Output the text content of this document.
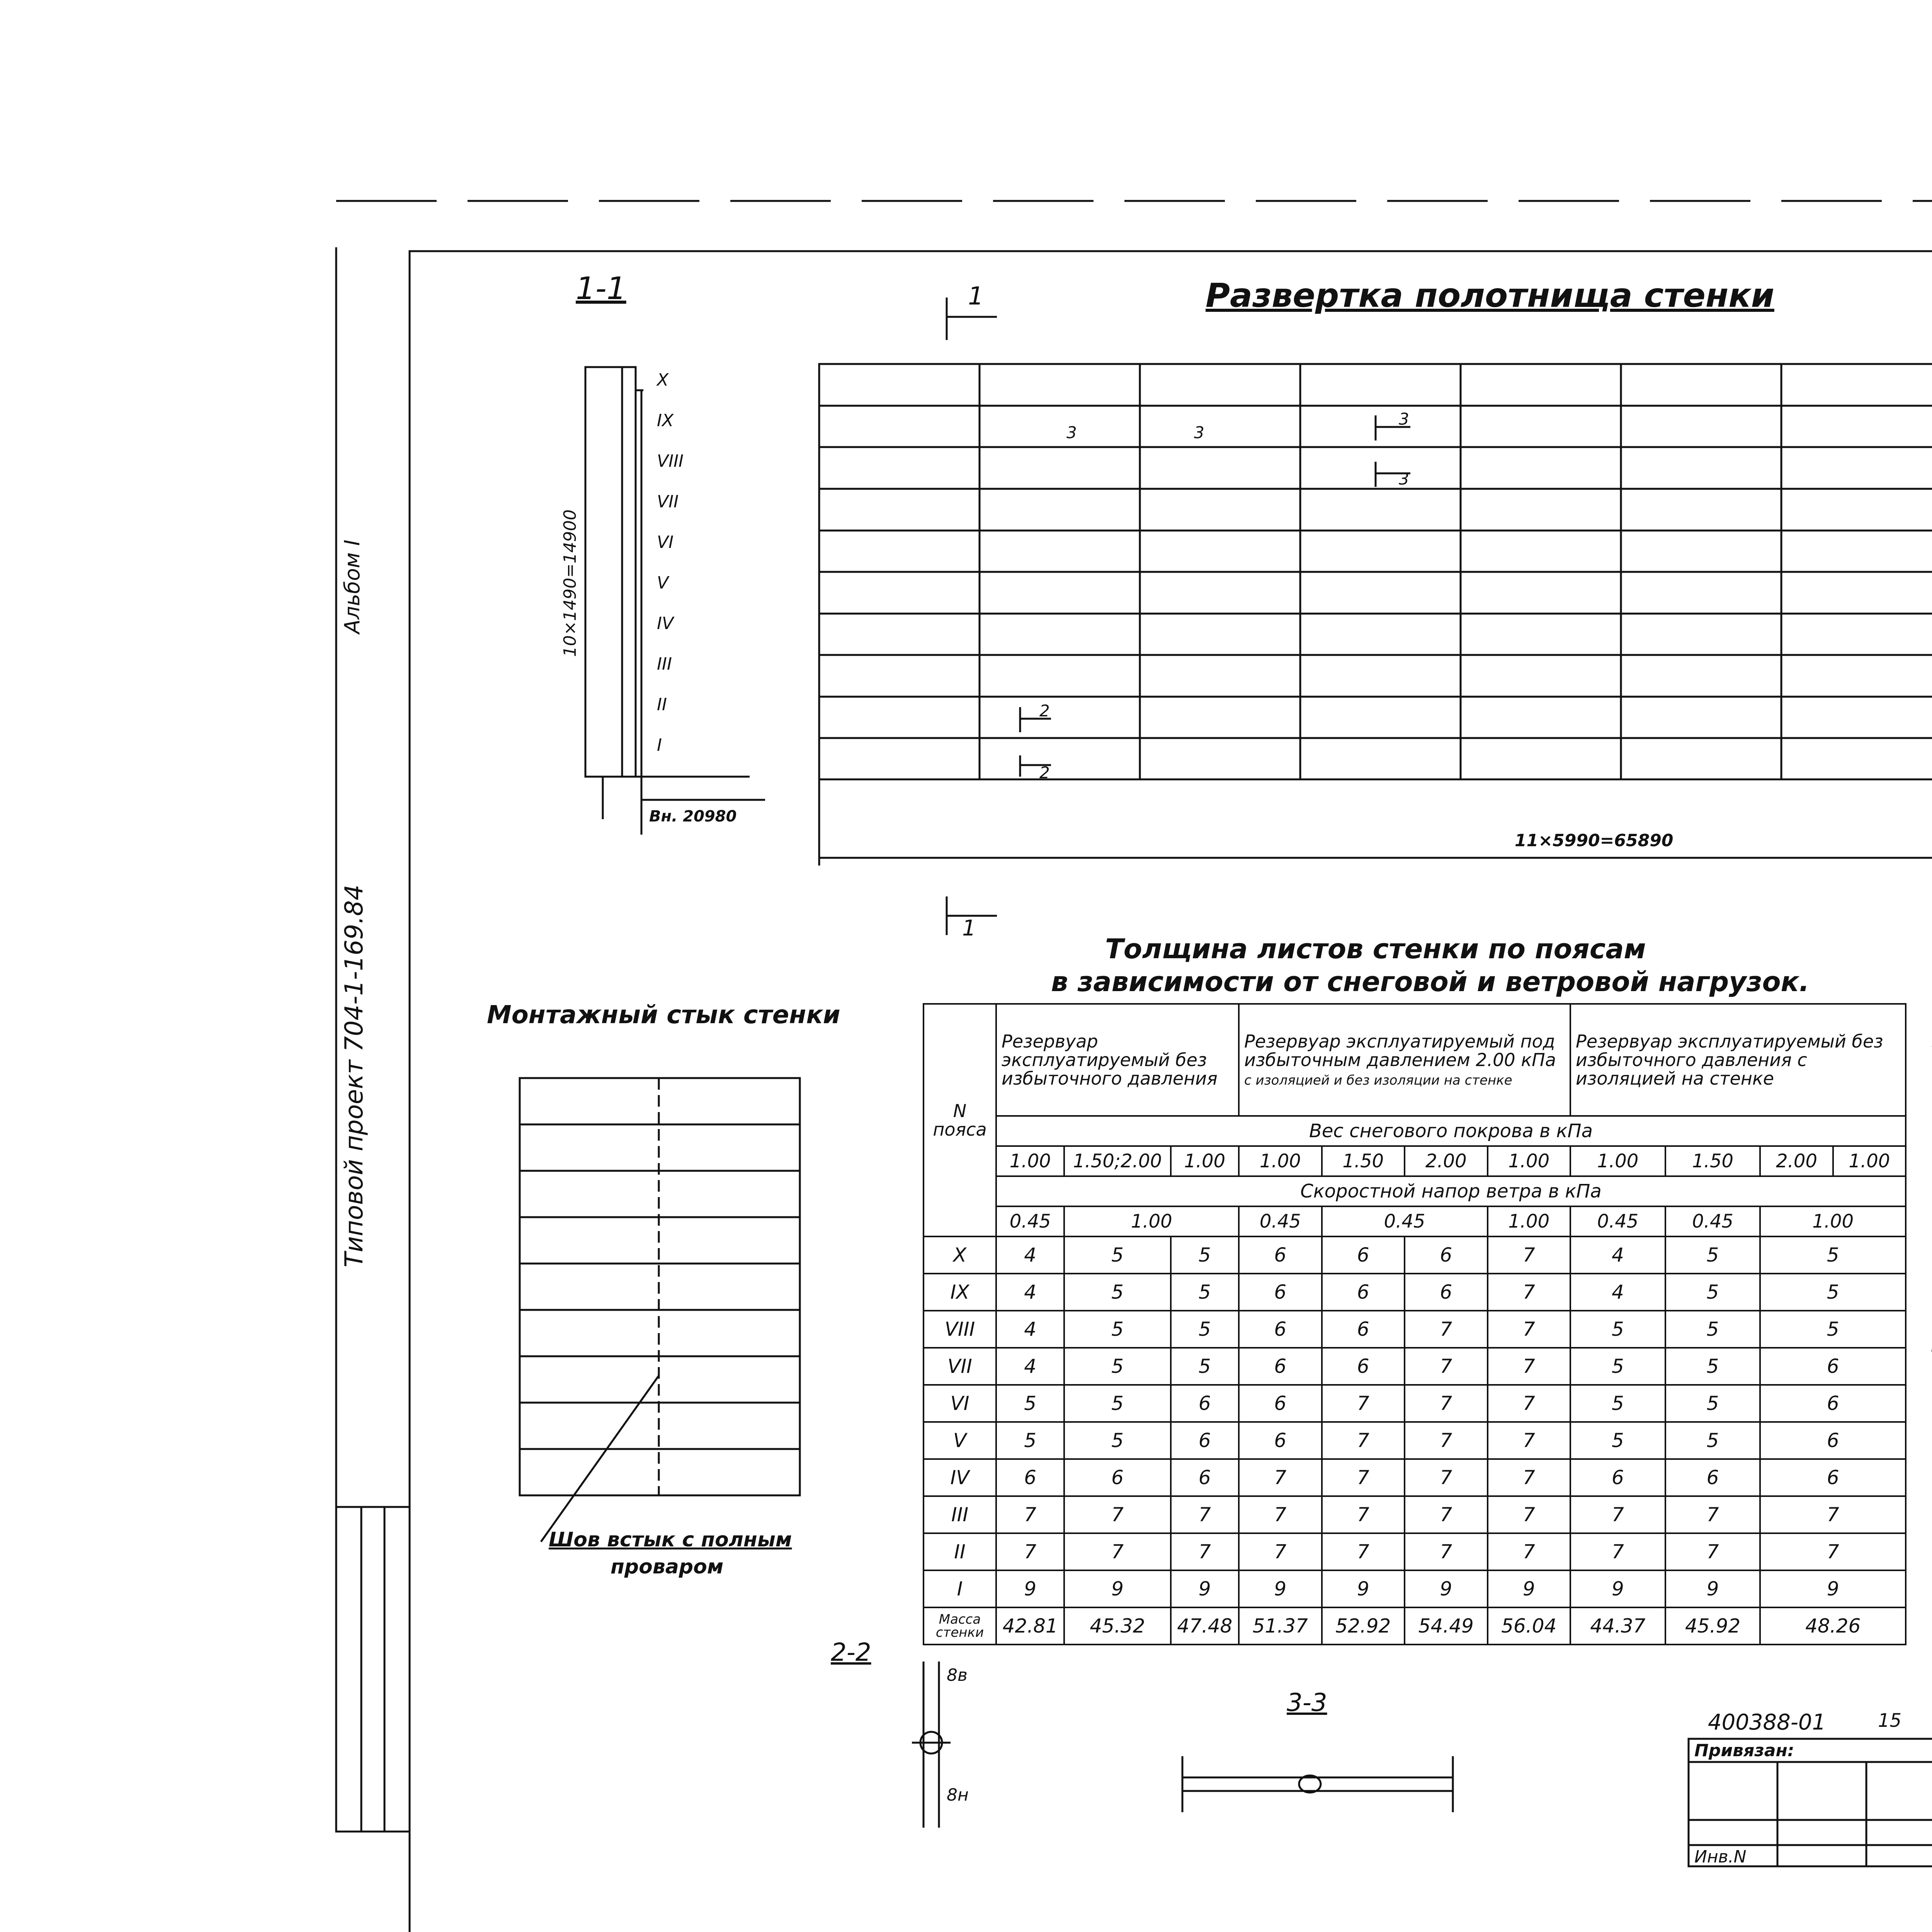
Альбом I
Типовой проект 704-1-169.84
1-1
10×1490=14900
Вн. 20980
X
IX
VIII
VII
VI
V
IV
III
II
I
Развертка полотнища стенки
1
1
11×5990=65890
3	3
3
3
2
2
Толщина листов стенки по поясам
в зависимости от снеговой и ветровой нагрузок.
N пояса	Резервуар эксплуатируемый без избыточного давления			Резервуар эксплуатируемый под избыточным давлением 2.00 кПа
с изоляцией и без изоляции на стенке				Резервуар эксплуатируемый без избыточного давления с изоляцией на стенке			
	Вес снегового покрова в кПа										
	1.00	1.50;2.00	1.00	1.00	1.50	2.00	1.00	1.00	1.50	2.00	1.00
	Скоростной напор ветра в кПа										
	0.45	1.00		0.45	0.45		1.00	0.45	0.45	1.00	
X	4	5	5	6	6	6	7	4	5	5	
IX	4	5	5	6	6	6	7	4	5	5	
VIII	4	5	5	6	6	7	7	5	5	5	
VII	4	5	5	6	6	7	7	5	5	6	
VI	5	5	6	6	7	7	7	5	5	6	
V	5	5	6	6	7	7	7	5	5	6	
IV	6	6	6	7	7	7	7	6	6	6	
III	7	7	7	7	7	7	7	7	7	7	
II	7	7	7	7	7	7	7	7	7	7	
I	9	9	9	9	9	9	9	9	9	9	
Масса стенки	42.81	45.32	47.48	51.37	52.92	54.49	56.04	44.37	45.92	48.26	
Монтажный стык стенки
Шов встык с полным
проваром
2-2
8в
8н
3-3

400388-01	15
Привязан:
Инв.N
